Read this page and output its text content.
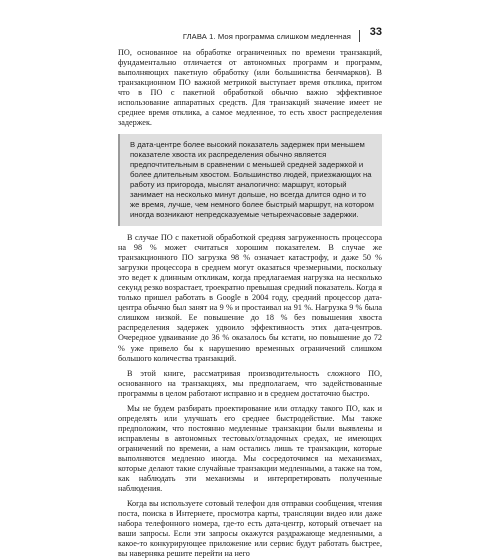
ГЛАВА 1. Моя программа слишком медленная 33

ПО, основанное на обработке ограниченных по времени транзакций, фундаментально отличается от автономных программ и программ, выполняющих пакетную обработку (или большинства бенчмарков). В транзакционном ПО важной метрикой выступает время отклика, притом что в ПО с пакетной обработкой обычно важно эффективное использование аппаратных средств. Для транзакций значение имеет не среднее время отклика, а самое медленное, то есть хвост распределения задержек.

В дата-центре более высокий показатель задержек при меньшем показателе хвоста их распределения обычно является предпочтительным в сравнении с меньшей средней задержкой и более длительным хвостом. Большинство людей, приезжающих на работу из пригорода, мыслят аналогично: маршрут, который занимает на несколько минут дольше, но всегда длится одно и то же время, лучше, чем немного более быстрый маршрут, на котором иногда возникают непредсказуемые четырехчасовые задержки.

В случае ПО с пакетной обработкой средняя загруженность процессора на 98 % может считаться хорошим показателем. В случае же транзакционного ПО загрузка 98 % означает катастрофу, и даже 50 % загрузки процессора в среднем могут оказаться чрезмерными, поскольку это ведет к длинным откликам, когда предлагаемая нагрузка на несколько секунд резко возрастает, троекратно превышая средний показатель. Когда я только пришел работать в Google в 2004 году, средний процессор дата-центра обычно был занят на 9 % и простаивал на 91 %. Нагрузка 9 % была слишком низкой. Ее повышение до 18 % без повышения хвоста распределения задержек удвоило эффективность этих дата-центров. Очередное удваивание до 36 % оказалось бы кстати, но повышение до 72 % уже привело бы к нарушению временных ограничений слишком большого количества транзакций.

В этой книге, рассматривая производительность сложного ПО, основанного на транзакциях, мы предполагаем, что задействованные программы в целом работают исправно и в среднем достаточно быстро.

Мы не будем разбирать проектирование или отладку такого ПО, как и определять или улучшать его среднее быстродействие. Мы также предположим, что постоянно медленные транзакции были выявлены и исправлены в автономных тестовых/отладочных средах, не имеющих ограничений по времени, а нам остались лишь те транзакции, которые выполняются медленно иногда. Мы сосредоточимся на механизмах, которые делают такие случайные транзакции медленными, а также на том, как наблюдать эти механизмы и интерпретировать полученные наблюдения.

Когда вы используете сотовый телефон для отправки сообщения, чтения поста, поиска в Интернете, просмотра карты, трансляции видео или даже набора телефонного номера, где-то есть дата-центр, который отвечает на ваши запросы. Если эти запросы окажутся раздражающе медленными, а какое-то конкурирующее приложение или сервис будут работать быстрее, вы наверняка решите перейти на него
